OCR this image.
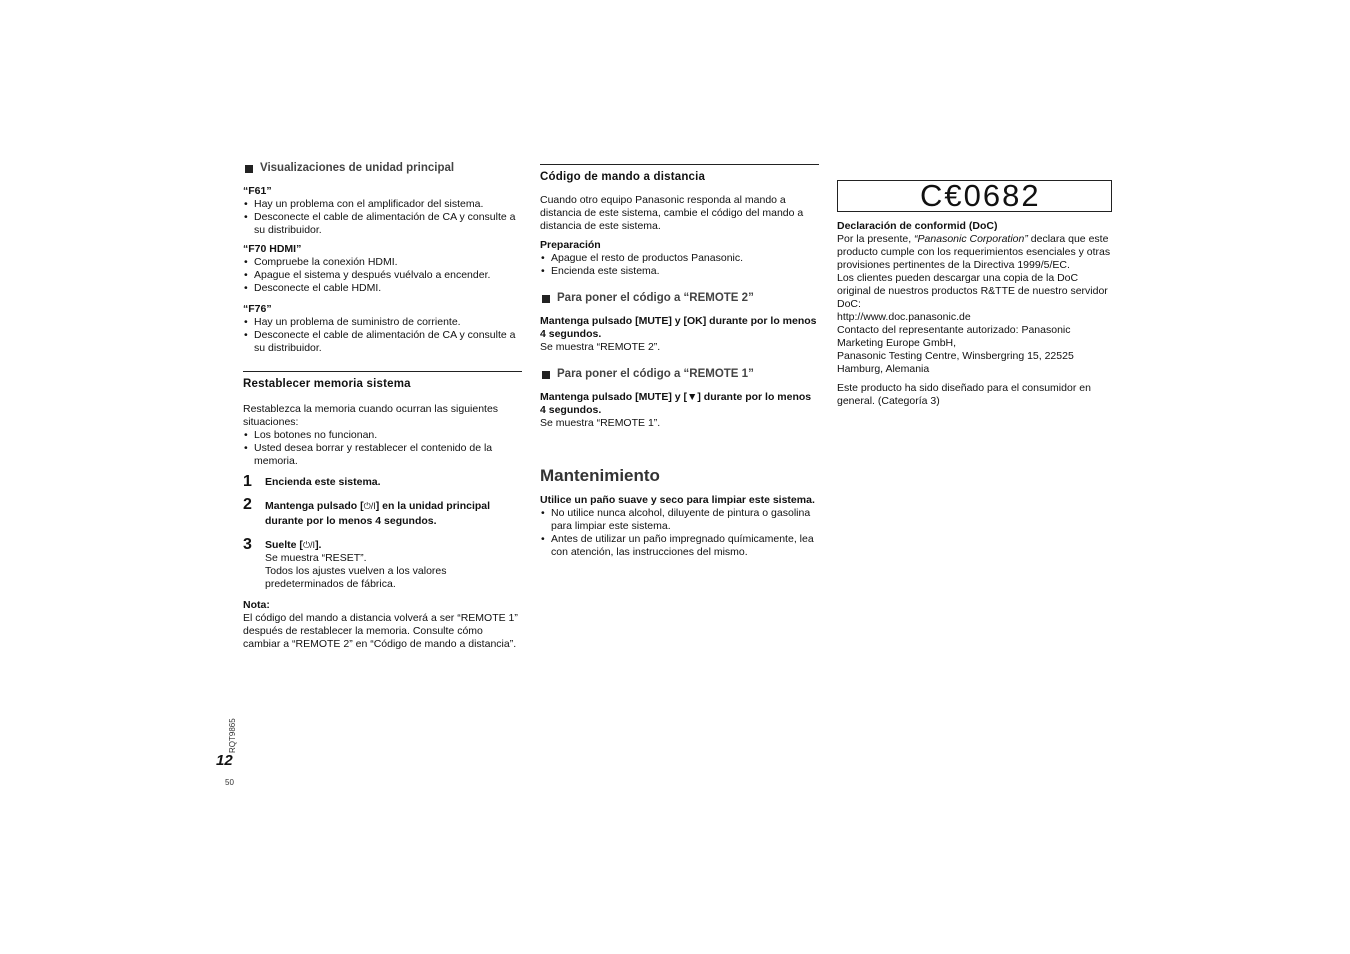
Visualizaciones de unidad principal
“F61”
• Hay un problema con el amplificador del sistema.
• Desconecte el cable de alimentación de CA y consulte a su distribuidor.
“F70 HDMI”
• Compruebe la conexión HDMI.
• Apague el sistema y después vuélvalo a encender.
• Desconecte el cable HDMI.
“F76”
• Hay un problema de suministro de corriente.
• Desconecte el cable de alimentación de CA y consulte a su distribuidor.
Restablecer memoria sistema
Restablezca la memoria cuando ocurran las siguientes situaciones:
• Los botones no funcionan.
• Usted desea borrar y restablecer el contenido de la memoria.
1	Encienda este sistema.
2	Mantenga pulsado [⏻/I] en la unidad principal durante por lo menos 4 segundos.
3	Suelte [⏻/I].
Se muestra “RESET”.
Todos los ajustes vuelven a los valores predeterminados de fábrica.
Nota:
El código del mando a distancia volverá a ser “REMOTE 1” después de restablecer la memoria. Consulte cómo cambiar a “REMOTE 2” en “Código de mando a distancia”.
Código de mando a distancia
Cuando otro equipo Panasonic responda al mando a distancia de este sistema, cambie el código del mando a distancia de este sistema.
Preparación
• Apague el resto de productos Panasonic.
• Encienda este sistema.
Para poner el código a “REMOTE 2”
Mantenga pulsado [MUTE] y [OK] durante por lo menos 4 segundos.
Se muestra “REMOTE 2”.
Para poner el código a “REMOTE 1”
Mantenga pulsado [MUTE] y [▼] durante por lo menos 4 segundos.
Se muestra “REMOTE 1”.
Mantenimiento
Utilice un paño suave y seco para limpiar este sistema.
• No utilice nunca alcohol, diluyente de pintura o gasolina para limpiar este sistema.
• Antes de utilizar un paño impregnado químicamente, lea con atención, las instrucciones del mismo.
C€0682
Declaración de conformid (DoC)
Por la presente, “Panasonic Corporation” declara que este producto cumple con los requerimientos esenciales y otras provisiones pertinentes de la Directiva 1999/5/EC.
Los clientes pueden descargar una copia de la DoC original de nuestros productos R&TTE de nuestro servidor DoC:
http://www.doc.panasonic.de
Contacto del representante autorizado: Panasonic Marketing Europe GmbH,
Panasonic Testing Centre, Winsbergring 15, 22525 Hamburg, Alemania
Este producto ha sido diseñado para el consumidor en general. (Categoría 3)
RQT9865
12
50
